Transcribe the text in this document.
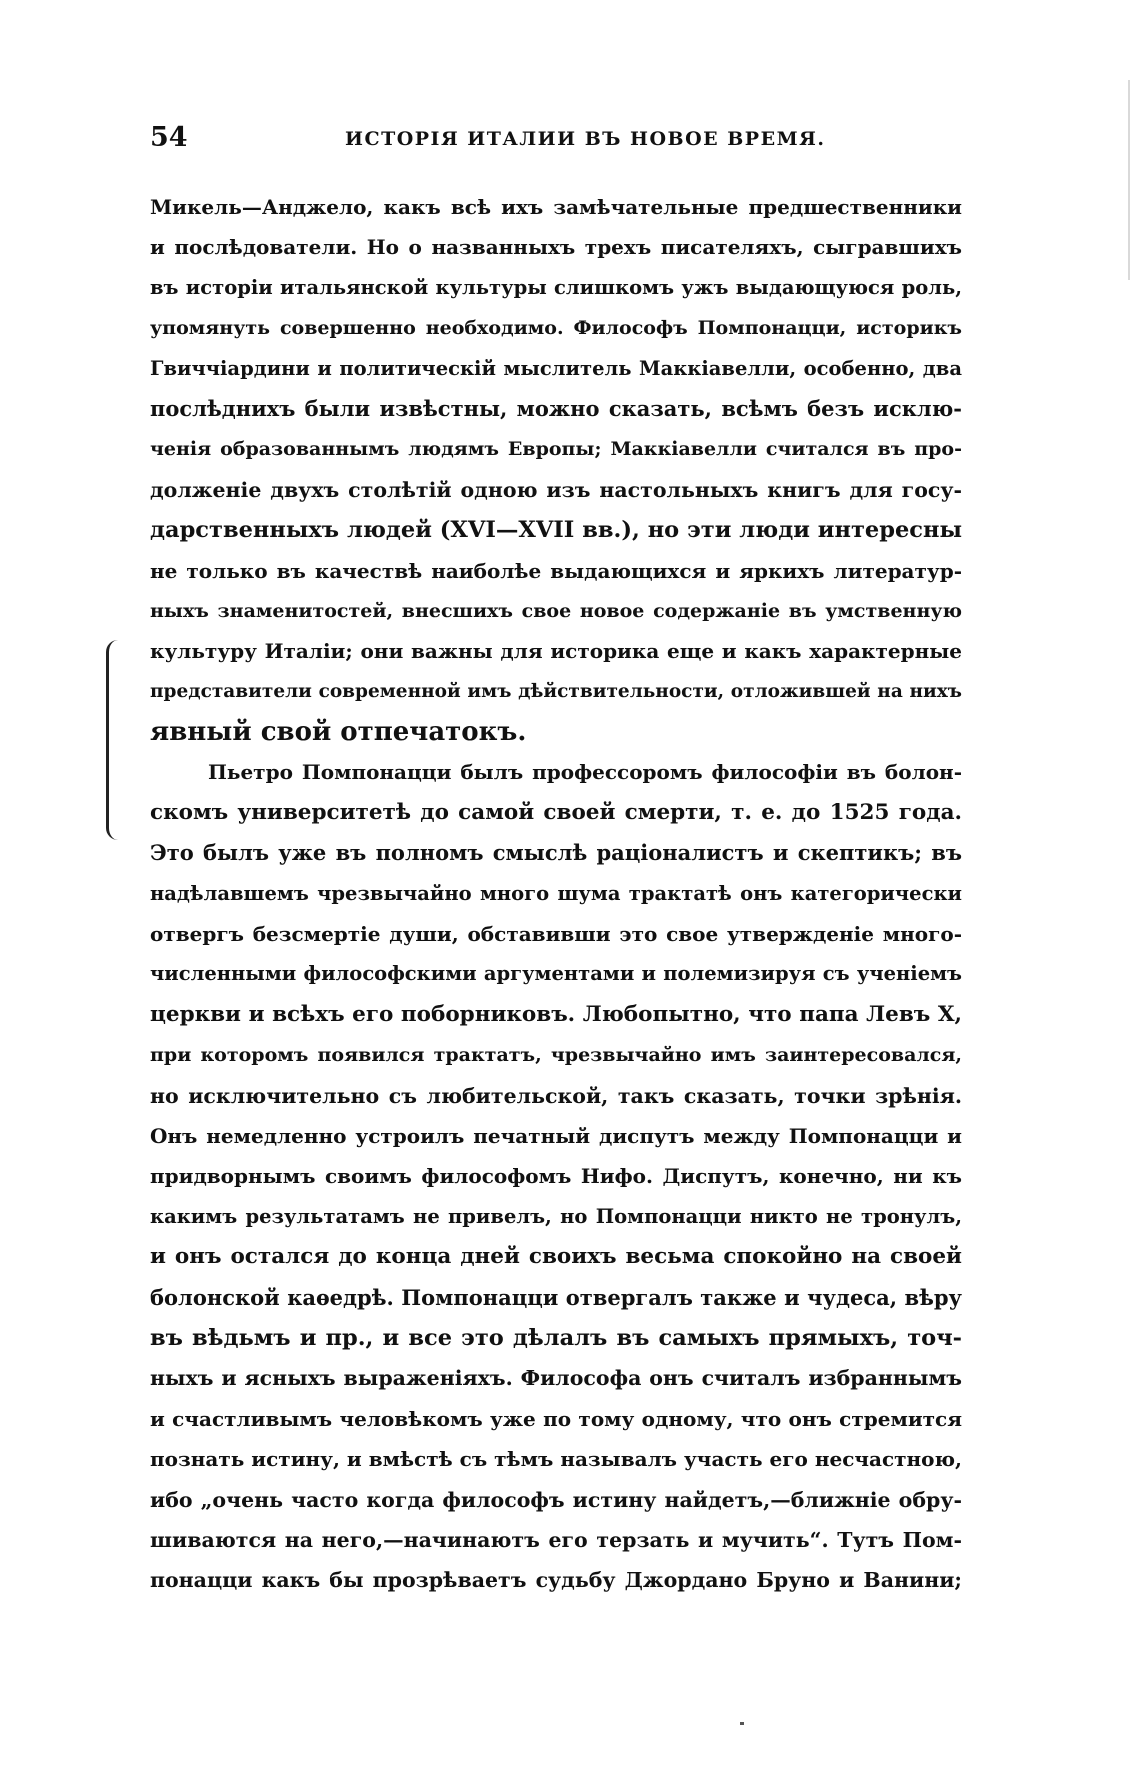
54	ИСТОРІЯ ИТАЛИИ ВЪ НОВОЕ ВРЕМЯ.
Микель—Анджело, какъ всѣ ихъ замѣчательные предшественники
и послѣдователи. Но о названныхъ трехъ писателяхъ, сыгравшихъ
въ исторіи итальянской культуры слишкомъ ужъ выдающуюся роль,
упомянуть совершенно необходимо. Философъ Помпонацци, историкъ
Гвиччіардини и политическій мыслитель Маккіавелли, особенно, два
послѣднихъ были извѣстны, можно сказать, всѣмъ безъ исклю-
ченія образованнымъ людямъ Европы; Маккіавелли считался въ про-
долженіе двухъ столѣтій одною изъ настольныхъ книгъ для госу-
дарственныхъ людей (XVI—XVII вв.), но эти люди интересны
не только въ качествѣ наиболѣе выдающихся и яркихъ литератур-
ныхъ знаменитостей, внесшихъ свое новое содержаніе въ умственную
культуру Италіи; они важны для историка еще и какъ характерные
представители современной имъ дѣйствительности, отложившей на нихъ
явный свой отпечатокъ.
Пьетро Помпонацци былъ профессоромъ философіи въ болон-
скомъ университетѣ до самой своей смерти, т. е. до 1525 года.
Это былъ уже въ полномъ смыслѣ раціоналистъ и скептикъ; въ
надѣлавшемъ чрезвычайно много шума трактатѣ онъ категорически
отвергъ безсмертіе души, обставивши это свое утвержденіе много-
численными философскими аргументами и полемизируя съ ученіемъ
церкви и всѣхъ его поборниковъ. Любопытно, что папа Левъ X,
при которомъ появился трактатъ, чрезвычайно имъ заинтересовался,
но исключительно съ любительской, такъ сказать, точки зрѣнія.
Онъ немедленно устроилъ печатный диспутъ между Помпонацци и
придворнымъ своимъ философомъ Нифо. Диспутъ, конечно, ни къ
какимъ результатамъ не привелъ, но Помпонацци никто не тронулъ,
и онъ остался до конца дней своихъ весьма спокойно на своей
болонской каѳедрѣ. Помпонацци отвергалъ также и чудеса, вѣру
въ вѣдьмъ и пр., и все это дѣлалъ въ самыхъ прямыхъ, точ-
ныхъ и ясныхъ выраженіяхъ. Философа онъ считалъ избраннымъ
и счастливымъ человѣкомъ уже по тому одному, что онъ стремится
познать истину, и вмѣстѣ съ тѣмъ называлъ участь его несчастною,
ибо „очень часто когда философъ истину найдетъ,—ближніе обру-
шиваются на него,—начинаютъ его терзать и мучить“. Тутъ Пом-
понацци какъ бы прозрѣваетъ судьбу Джордано Бруно и Ванини;
